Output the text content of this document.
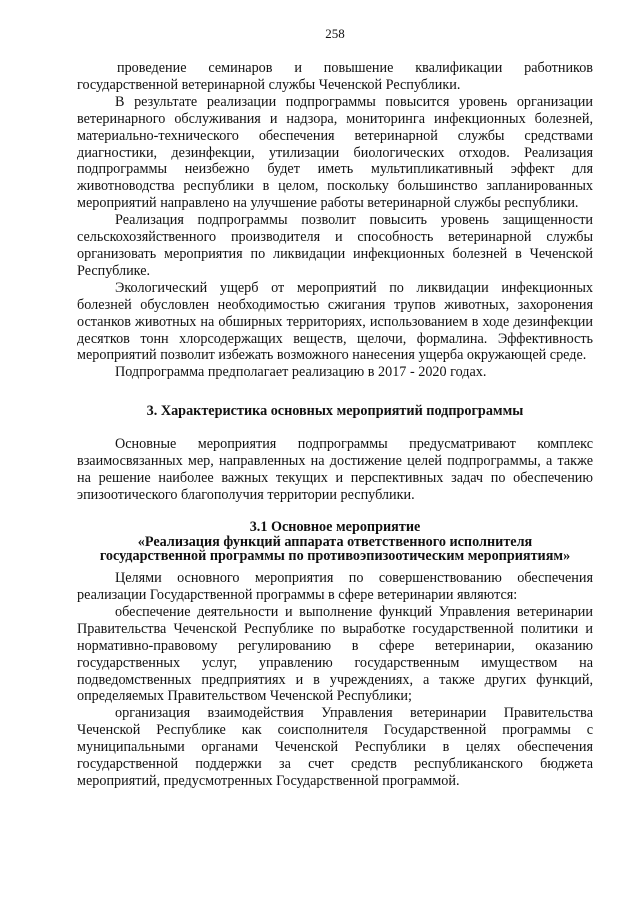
258

проведение семинаров и повышение квалификации работников государственной ветеринарной службы Чеченской Республики.

В результате реализации подпрограммы повысится уровень организации ветеринарного обслуживания и надзора, мониторинга инфекционных болезней, материально-технического обеспечения ветеринарной службы средствами диагностики, дезинфекции, утилизации биологических отходов. Реализация подпрограммы неизбежно будет иметь мультипликативный эффект для животноводства республики в целом, поскольку большинство запланированных мероприятий направлено на улучшение работы ветеринарной службы республики.

Реализация подпрограммы позволит повысить уровень защищенности сельскохозяйственного производителя и способность ветеринарной службы организовать мероприятия по ликвидации инфекционных болезней в Чеченской Республике.

Экологический ущерб от мероприятий по ликвидации инфекционных болезней обусловлен необходимостью сжигания трупов животных, захоронения останков животных на обширных территориях, использованием в ходе дезинфекции десятков тонн хлорсодержащих веществ, щелочи, формалина. Эффективность мероприятий позволит избежать возможного нанесения ущерба окружающей среде.

Подпрограмма предполагает реализацию в 2017 - 2020 годах.

3. Характеристика основных мероприятий подпрограммы

Основные мероприятия подпрограммы предусматривают комплекс взаимосвязанных мер, направленных на достижение целей подпрограммы, а также на решение наиболее важных текущих и перспективных задач по обеспечению эпизоотического благополучия территории республики.

3.1 Основное мероприятие
«Реализация функций аппарата ответственного исполнителя
государственной программы по противоэпизоотическим мероприятиям»

Целями основного мероприятия по совершенствованию обеспечения реализации Государственной программы в сфере ветеринарии являются:

обеспечение деятельности и выполнение функций Управления ветеринарии Правительства Чеченской Республике по выработке государственной политики и нормативно-правовому регулированию в сфере ветеринарии, оказанию государственных услуг, управлению государственным имуществом на подведомственных предприятиях и в учреждениях, а также других функций, определяемых Правительством Чеченской Республики;

организация взаимодействия Управления ветеринарии Правительства Чеченской Республике как соисполнителя Государственной программы с муниципальными органами Чеченской Республики в целях обеспечения государственной поддержки за счет средств республиканского бюджета мероприятий, предусмотренных Государственной программой.
